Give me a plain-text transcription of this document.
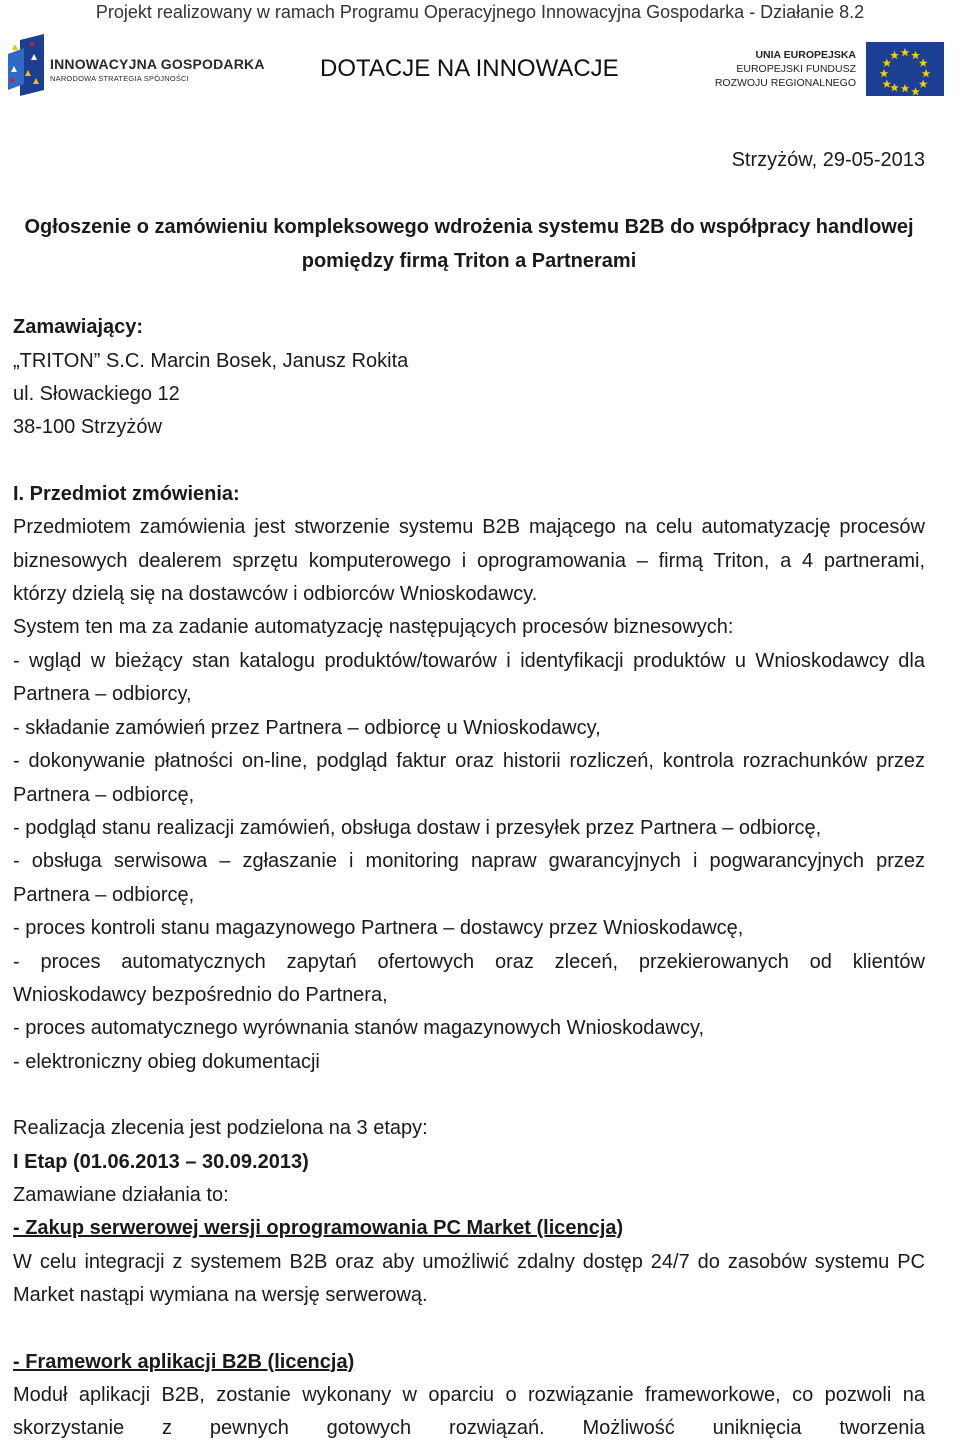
Projekt realizowany w ramach Programu Operacyjnego Innowacyjna Gospodarka - Działanie 8.2
INNOWACYJNA GOSPODARKA
NARODOWA STRATEGIA SPÓJNOŚCI	DOTACJE NA INNOWACJE	UNIA EUROPEJSKA
EUROPEJSKI FUNDUSZ
ROZWOJU REGIONALNEGO

Strzyżów, 29-05-2013

Ogłoszenie o zamówieniu kompleksowego wdrożenia systemu B2B do współpracy handlowej pomiędzy firmą Triton a Partnerami

Zamawiający:

„TRITON” S.C. Marcin Bosek, Janusz Rokita

ul. Słowackiego 12

38-100 Strzyżów

I. Przedmiot zmówienia:

Przedmiotem zamówienia jest stworzenie systemu B2B mającego na celu automatyzację procesów biznesowych dealerem sprzętu komputerowego i oprogramowania – firmą Triton, a 4 partnerami, którzy dzielą się na dostawców i odbiorców Wnioskodawcy.

System ten ma za zadanie automatyzację następujących procesów biznesowych:

- wgląd w bieżący stan katalogu produktów/towarów i identyfikacji produktów u Wnioskodawcy dla Partnera – odbiorcy,

- składanie zamówień przez Partnera – odbiorcę u Wnioskodawcy,

- dokonywanie płatności on-line, podgląd faktur oraz historii rozliczeń, kontrola rozrachunków przez Partnera – odbiorcę,

- podgląd stanu realizacji zamówień, obsługa dostaw i przesyłek przez Partnera – odbiorcę,

- obsługa serwisowa – zgłaszanie i monitoring napraw gwarancyjnych i pogwarancyjnych przez Partnera – odbiorcę,

- proces kontroli stanu magazynowego Partnera – dostawcy przez Wnioskodawcę,

- proces automatycznych zapytań ofertowych oraz zleceń, przekierowanych od klientów Wnioskodawcy bezpośrednio do Partnera,

- proces automatycznego wyrównania stanów magazynowych Wnioskodawcy,

- elektroniczny obieg dokumentacji

Realizacja zlecenia jest podzielona na 3 etapy:

I Etap (01.06.2013 – 30.09.2013)

Zamawiane działania to:

- Zakup serwerowej wersji oprogramowania PC Market (licencja)

W celu integracji z systemem B2B oraz aby umożliwić zdalny dostęp 24/7 do zasobów systemu PC Market nastąpi wymiana na wersję serwerową.

- Framework aplikacji B2B (licencja)

Moduł aplikacji B2B, zostanie wykonany w oparciu o rozwiązanie frameworkowe, co pozwoli na skorzystanie z pewnych gotowych rozwiązań. Możliwość uniknięcia tworzenia
